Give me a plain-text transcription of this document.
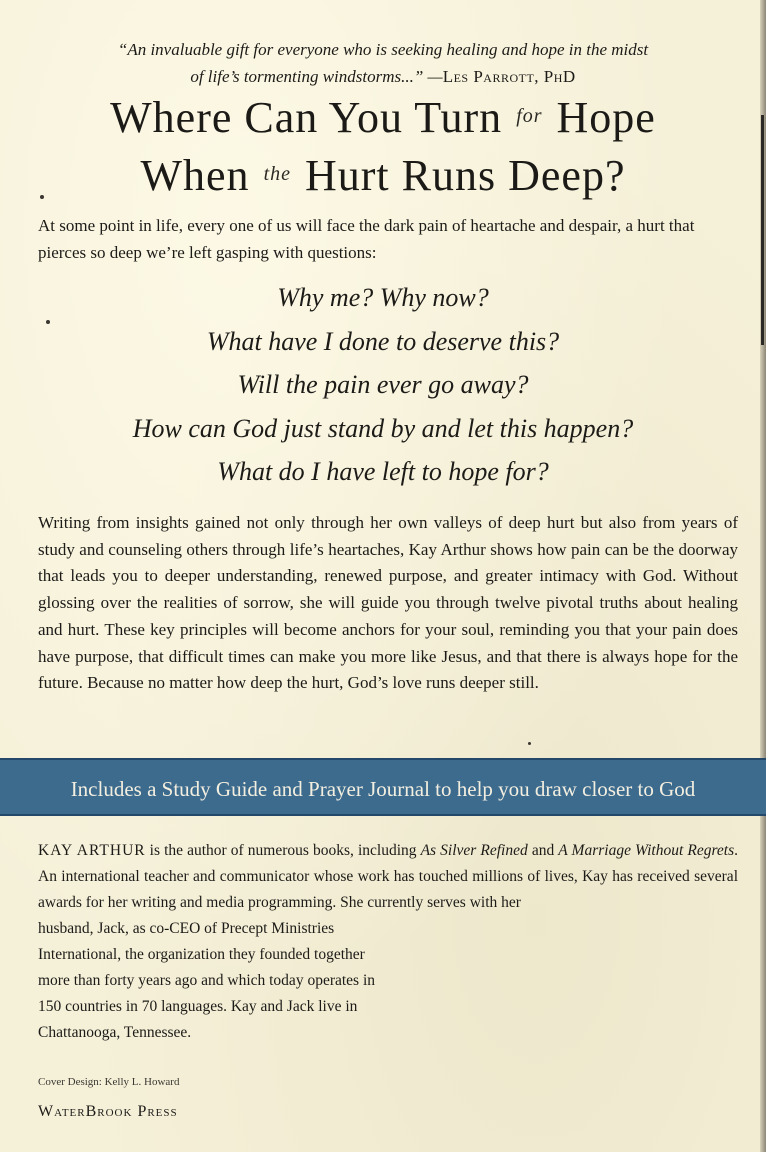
“An invaluable gift for everyone who is seeking healing and hope in the midst
of life’s tormenting windstorms...” —Les Parrott, PhD
Where Can You Turn $^{for}$ Hope
When $^{the}$ Hurt Runs Deep?
At some point in life, every one of us will face the dark pain of heartache and despair, a hurt that pierces so deep we’re left gasping with questions:
Why me? Why now?
What have I done to deserve this?
Will the pain ever go away?
How can God just stand by and let this happen?
What do I have left to hope for?
Writing from insights gained not only through her own valleys of deep hurt but also from years of study and counseling others through life’s heartaches, Kay Arthur shows how pain can be the doorway that leads you to deeper understanding, renewed purpose, and greater intimacy with God. Without glossing over the realities of sorrow, she will guide you through twelve pivotal truths about healing and hurt. These key principles will become anchors for your soul, reminding you that your pain does have purpose, that difficult times can make you more like Jesus, and that there is always hope for the future. Because no matter how deep the hurt, God’s love runs deeper still.
Includes a Study Guide and Prayer Journal to help you draw closer to God
KAY ARTHUR is the author of numerous books, including As Silver Refined and A Marriage Without Regrets. An international teacher and communicator whose work has touched millions of lives, Kay has received several awards for her writing and media programming. She currently serves with her
husband, Jack, as co-CEO of Precept Ministries International, the organization they founded together more than forty years ago and which today operates in 150 countries in 70 languages. Kay and Jack live in Chattanooga, Tennessee.
Cover Design: Kelly L. Howard
WaterBrook Press
